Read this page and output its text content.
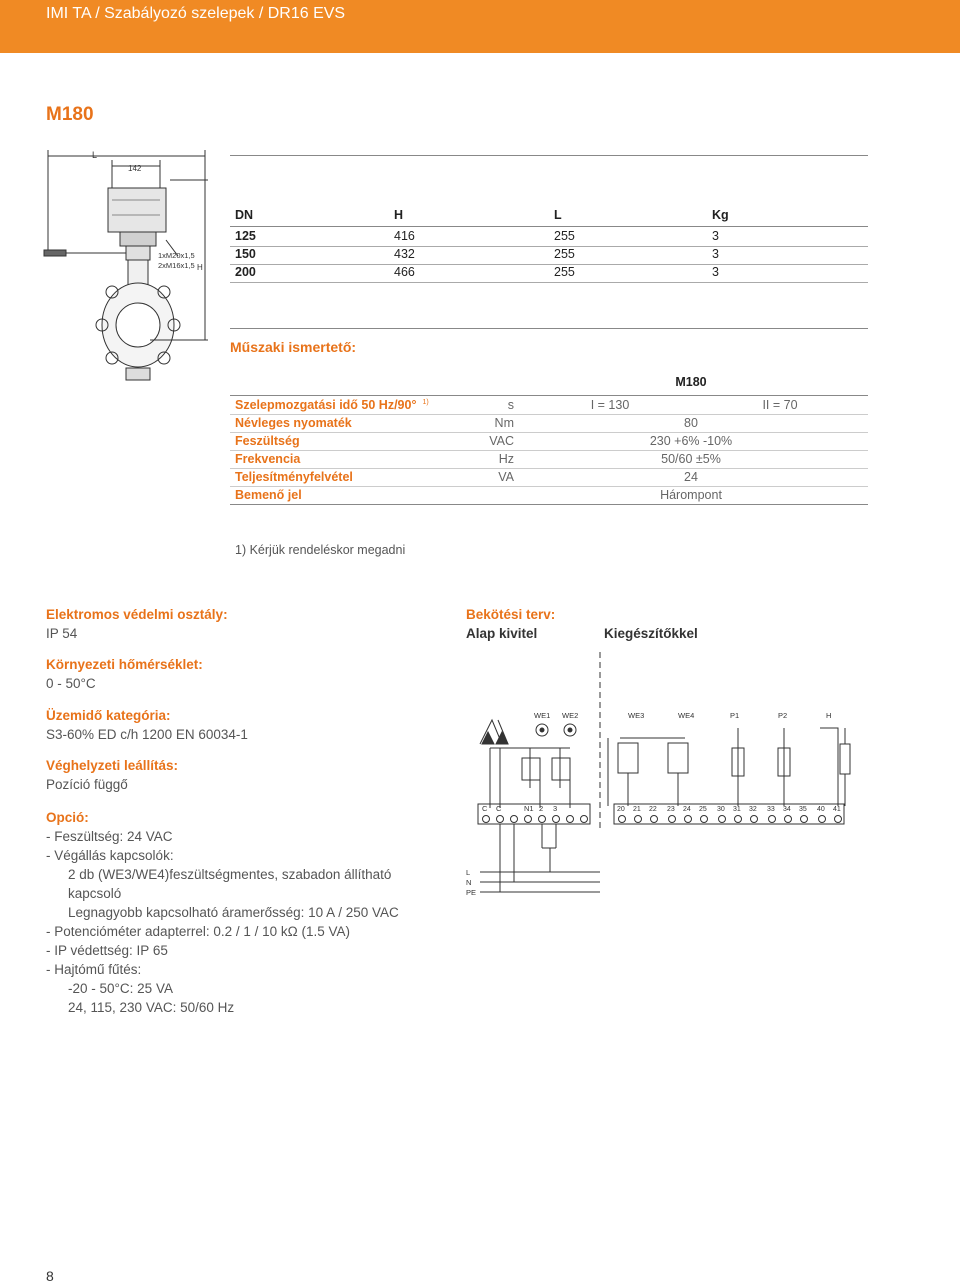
IMI TA / Szabályozó szelepek / DR16 EVS
M180
L
142
1xM20x1,5
2xM16x1,5 H
DN	H	L	Kg
125	416	255	3
150	432	255	3
200	466	255	3
Műszaki ismertető:
M180
Szelepmozgatási idő 50 Hz/90° $^{1)}$	s	I = 130	II = 70
Névleges nyomaték	Nm	80
Feszültség	VAC	230 +6% -10%
Frekvencia	Hz	50/60 ±5%
Teljesítményfelvétel	VA	24
Bemenő jel	Hárompont
1) Kérjük rendeléskor megadni
Elektromos védelmi osztály:
IP 54
Környezeti hőmérséklet:
0 - 50°C
Üzemidő kategória:
S3-60% ED c/h 1200 EN 60034-1
Véghelyzeti leállítás:
Pozíció függő
Opció:
- Feszültség: 24 VAC
- Végállás kapcsolók:
2 db (WE3/WE4)feszültségmentes, szabadon állítható
kapcsoló
Legnagyobb kapcsolható áramerősség: 10 A / 250 VAC
- Potencióméter adapterrel: 0.2 / 1 / 10 kΩ (1.5 VA)
- IP védettség: IP 65
- Hajtómű fűtés:
-20 - 50°C: 25 VA
24, 115, 230 VAC: 50/60 Hz
Bekötési terv:
Alap kivitel	Kiegészítőkkel
WE1 WE2	WE3	WE4	P1	P2	H
C C	N1 2 3	20 21 22 23 24 25 30 31 32 33 34 35 40 41
L
N
PE
8
